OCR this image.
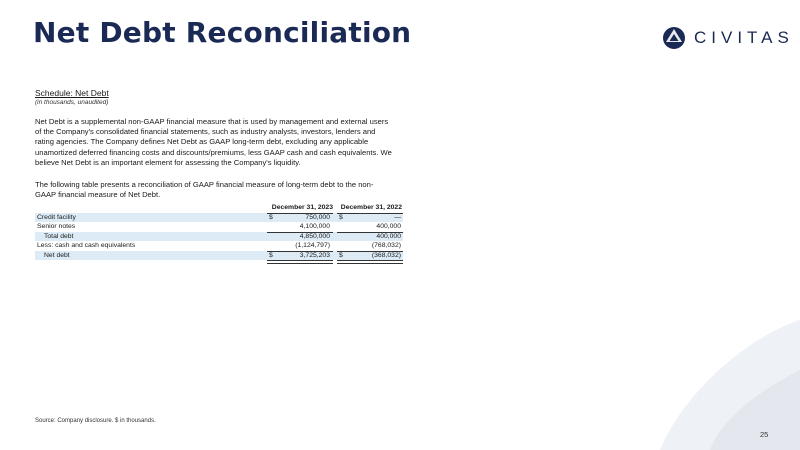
Net Debt Reconciliation	CIVITAS
Schedule: Net Debt
(in thousands, unaudited)

Net Debt is a supplemental non-GAAP financial measure that is used by management and external users of the Company's consolidated financial statements, such as industry analysts, investors, lenders and rating agencies. The Company defines Net Debt as GAAP long-term debt, excluding any applicable unamortized deferred financing costs and discounts/premiums, less GAAP cash and cash equivalents. We believe Net Debt is an important element for assessing the Company's liquidity.

The following table presents a reconciliation of GAAP financial measure of long-term debt to the non-GAAP financial measure of Net Debt.

December 31, 2023 December 31, 2022
Credit facility	$	750,000 $	—
Senior notes	4,100,000	400,000
Total debt	4,850,000	400,000
Less: cash and cash equivalents	(1,124,797)	(768,032)
Net debt	$	3,725,203 $	(368,032)
Source: Company disclosure. $ in thousands.
25
